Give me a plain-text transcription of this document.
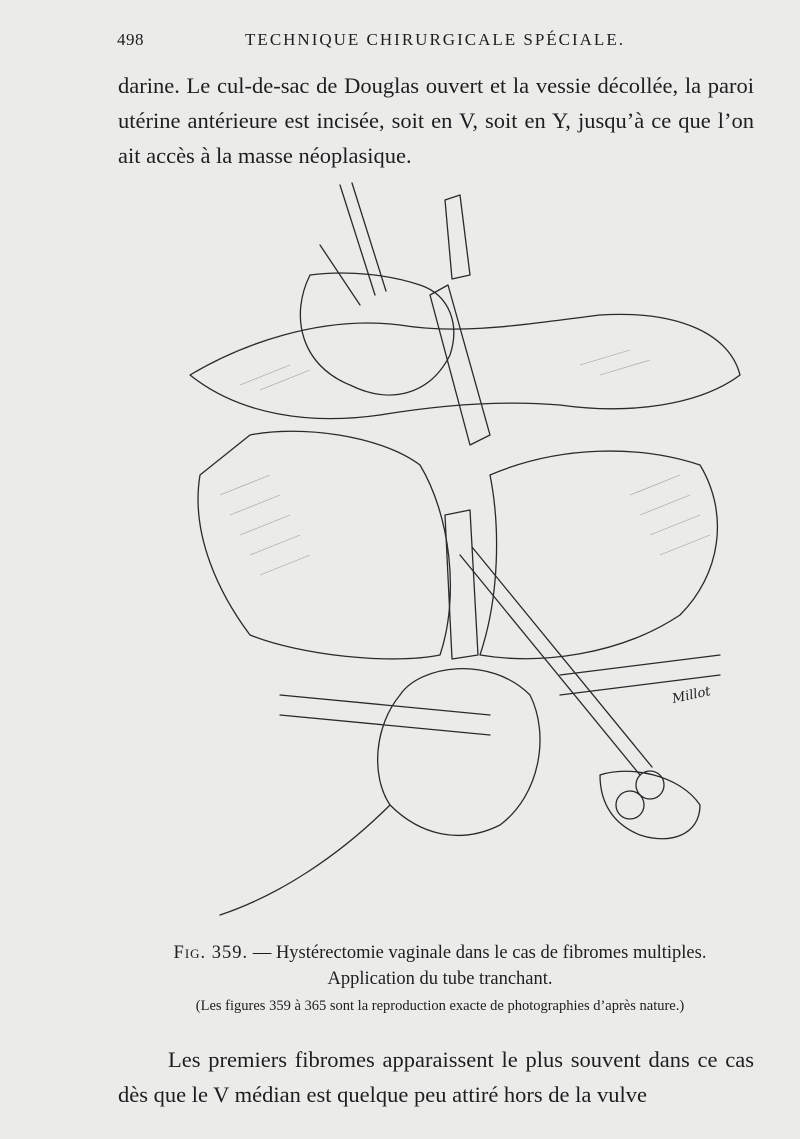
498	TECHNIQUE CHIRURGICALE SPÉCIALE.

darine. Le cul-de-sac de Douglas ouvert et la vessie décollée, la paroi utérine antérieure est incisée, soit en V, soit en Y, jusqu’à ce que l’on ait accès à la masse néoplasique.

Millot
Fig. 359. — Hystérectomie vaginale dans le cas de fibromes multiples.
Application du tube tranchant.
(Les figures 359 à 365 sont la reproduction exacte de photographies d’après nature.)

Les premiers fibromes apparaissent le plus souvent dans ce cas dès que le V médian est quelque peu attiré hors de la vulve
